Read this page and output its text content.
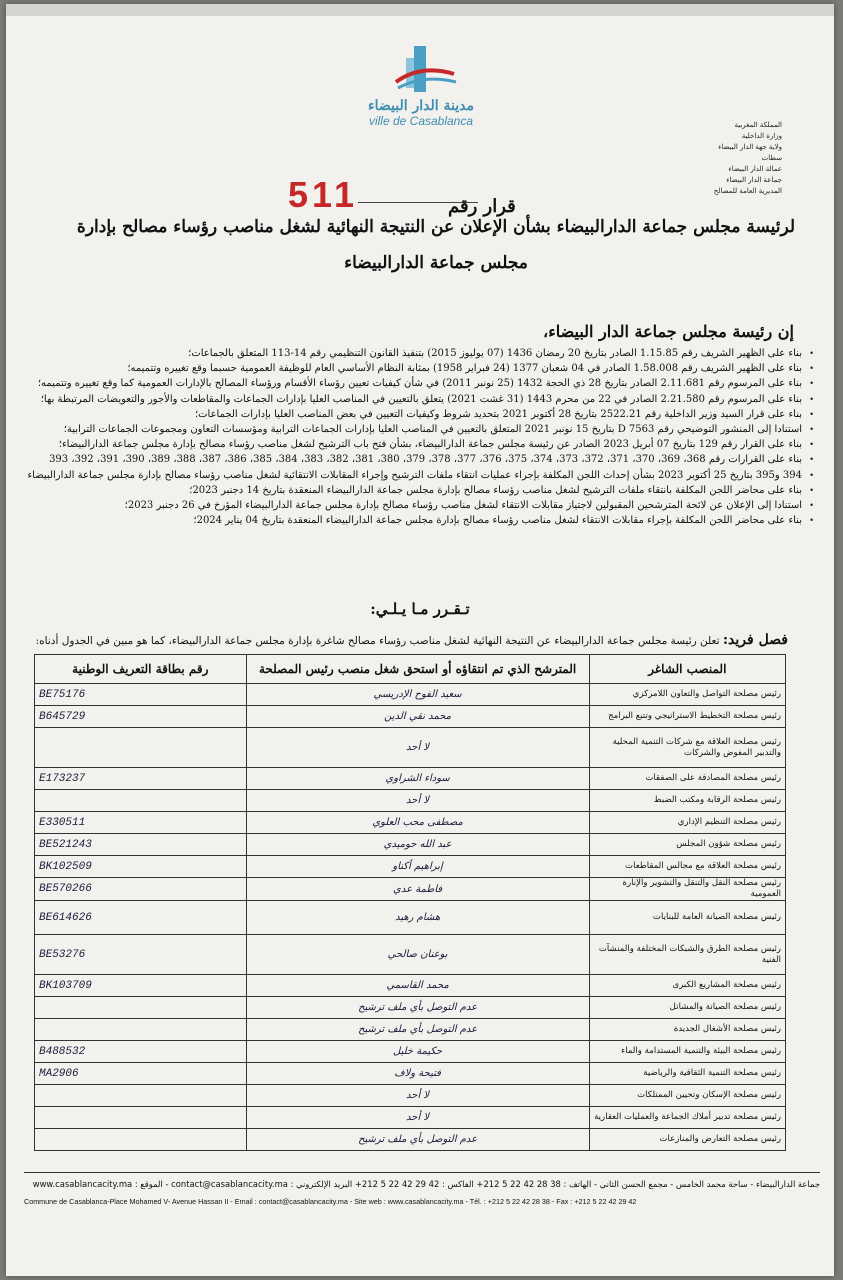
مدينة الدار البيضاء
ville de Casablanca	المملكة المغربية
وزارة الداخلية
ولاية جهة الدار البيضاء سطات
عمالة الدار البيضاء
جماعة الدار البيضاء
المديرية العامة للمصالح
511	قرار رقم
لرئيسة مجلس جماعة الدارالبيضاء بشأن الإعلان عن النتيجة النهائية لشغل مناصب رؤساء مصالح بإدارة
مجلس جماعة الدارالبيضاء
إن رئيسة مجلس جماعة الدار البيضاء،
• بناء على الظهير الشريف رقم 1.15.85 الصادر بتاريخ 20 رمضان 1436 (07 يوليوز 2015) بتنفيذ القانون التنظيمي رقم 14-113 المتعلق بالجماعات؛
• بناء على الظهير الشريف رقم 1.58.008 الصادر في 04 شعبان 1377 (24 فبراير 1958) بمثابة النظام الأساسي العام للوظيفة العمومية حسبما وقع تغييره وتتميمه؛
• بناء على المرسوم رقم 2.11.681 الصادر بتاريخ 28 ذي الحجة 1432 (25 نونبر 2011) في شأن كيفيات تعيين رؤساء الأقسام ورؤساء المصالح بالإدارات العمومية كما وقع تغييره وتتميمه؛
• بناء على المرسوم رقم 2.21.580 الصادر في 22 من محرم 1443 (31 غشت 2021) يتعلق بالتعيين في المناصب العليا بإدارات الجماعات والمقاطعات والأجور والتعويضات المرتبطة بها؛
• بناء على قرار السيد وزير الداخلية رقم 2522.21 بتاريخ 28 أكتوبر 2021 بتحديد شروط وكيفيات التعيين في بعض المناصب العليا بإدارات الجماعات؛
• استنادا إلى المنشور التوضيحي رقم D 7563 بتاريخ 15 نونبر 2021 المتعلق بالتعيين في المناصب العليا بإدارات الجماعات الترابية ومؤسسات التعاون ومجموعات الجماعات الترابية؛
• بناء على القرار رقم 129 بتاريخ 07 أبريل 2023 الصادر عن رئيسة مجلس جماعة الدارالبيضاء، بشأن فتح باب الترشيح لشغل مناصب رؤساء مصالح بإدارة مجلس جماعة الدارالبيضاء؛
• بناء على القرارات رقم 368، 369، 370، 371، 372، 373، 374، 375، 376، 377، 378، 379، 380، 381، 382، 383، 384، 385، 386، 387، 388، 389، 390، 391، 392، 393
• 394 و395 بتاريخ 25 أكتوبر 2023 بشأن إحداث اللجن المكلفة بإجراء عمليات انتقاء ملفات الترشيح وإجراء المقابلات الانتقائية لشغل مناصب رؤساء مصالح بإدارة مجلس جماعة الدارالبيضاء
• بناء على محاضر اللجن المكلفة بانتقاء ملفات الترشيح لشغل مناصب رؤساء مصالح بإدارة مجلس جماعة الدارالبيضاء المنعقدة بتاريخ 14 دجنبر 2023؛
• استنادا إلى الإعلان عن لائحة المترشحين المقبولين لاجتياز مقابلات الانتقاء لشغل مناصب رؤساء مصالح بإدارة مجلس جماعة الدارالبيضاء المؤرخ في 26 دجنبر 2023؛
• بناء على محاضر اللجن المكلفة بإجراء مقابلات الانتقاء لشغل مناصب رؤساء مصالح بإدارة مجلس جماعة الدارالبيضاء المنعقدة بتاريخ 04 يناير 2024؛
تـقـرر مـا يـلـي:
فصل فريد: تعلن رئيسة مجلس جماعة الدارالبيضاء عن النتيجة النهائية لشغل مناصب رؤساء مصالح شاغرة بإدارة مجلس جماعة الدارالبيضاء، كما هو مبين في الجدول أدناه:
المنصب الشاغر	المترشح الذي تم انتقاؤه أو استحق شغل منصب رئيس المصلحة	رقم بطاقة التعريف الوطنية
رئيس مصلحة التواصل والتعاون اللامركزي	سعيد الفوح الإدريسي	BE75176
رئيس مصلحة التخطيط الاستراتيجي وتتبع البرامج	محمد نقي الدين	B645729
رئيس مصلحة العلاقة مع شركات التنمية المحلية والتدبير المفوض والشركات	لا أحد	
رئيس مصلحة المصادقة على الصفقات	سوداء الشراوي	E173237
رئيس مصلحة الرقابة ومكتب الضبط	لا أحد	
رئيس مصلحة التنظيم الإداري	مصطفى محب العلوي	E330511
رئيس مصلحة شؤون المجلس	عبد الله حوميدي	BE521243
رئيس مصلحة العلاقة مع مجالس المقاطعات	إبراهيم أكناو	BK102509
رئيس مصلحة النقل والتنقل والتشوير والإنارة العمومية	فاطمة عدي	BE570266
رئيس مصلحة الصيانة العامة للبنايات	هشام رهيد	BE614626
رئيس مصلحة الطرق والشبكات المختلفة والمنشآت الفنية	بوعنان صالحي	BE53276
رئيس مصلحة المشاريع الكبرى	محمد القاسمي	BK103709
رئيس مصلحة الصيانة والمشاتل	عدم التوصل بأي ملف ترشيح	
رئيس مصلحة الأشغال الجديدة	عدم التوصل بأي ملف ترشيح	
رئيس مصلحة البيئة والتنمية المستدامة والماء	حكيمة خليل	B488532
رئيس مصلحة التنمية الثقافية والرياضية	فتيحة ولاف	MA2906
رئيس مصلحة الإسكان وتحيين الممتلكات	لا أحد	
رئيس مصلحة تدبير أملاك الجماعة والعمليات العقارية	لا أحد	
رئيس مصلحة التعارض والمنازعات	عدم التوصل بأي ملف ترشيح	
جماعة الدارالبيضاء - ساحة محمد الخامس - مجمع الحسن الثاني - الهاتف : 38 28 42 22 5 212+ الفاكس : 42 29 42 22 5 212+ البريد الإلكتروني : contact@casablancacity.ma - الموقع : www.casablancacity.ma
Commune de Casablanca-Place Mohamed V- Avenue Hassan II - Email : contact@casablancacity.ma - Site web : www.casablancacity.ma - Tél. : +212 5 22 42 28 38 - Fax : +212 5 22 42 29 42
